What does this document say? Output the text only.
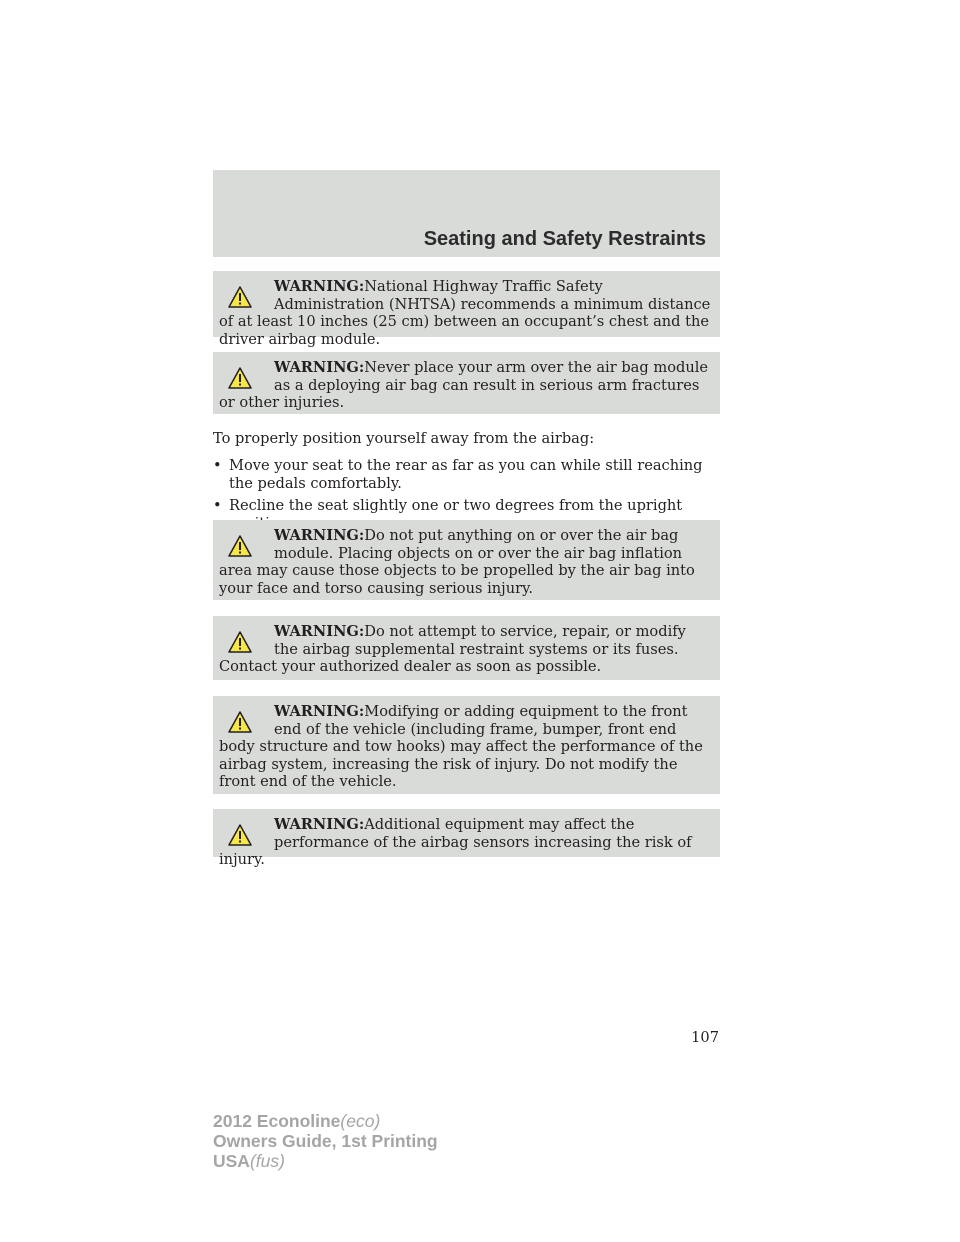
Seating and Safety Restraints
WARNING:National Highway Traffic Safety Administration (NHTSA) recommends a minimum distance of at least 10 inches (25 cm) between an occupant’s chest and the driver airbag module.
WARNING:Never place your arm over the air bag module as a deploying air bag can result in serious arm fractures or other injuries.
To properly position yourself away from the airbag:
• Move your seat to the rear as far as you can while still reaching the pedals comfortably.
• Recline the seat slightly one or two degrees from the upright
WARNING:Do not put anything on or over the air bag module. Placing objects on or over the air bag inflation area may cause those objects to be propelled by the air bag into your face and torso causing serious injury.
WARNING:Do not attempt to service, repair, or modify the airbag supplemental restraint systems or its fuses. Contact your authorized dealer as soon as possible.
WARNING:Modifying or adding equipment to the front end of the vehicle (including frame, bumper, front end body structure and tow hooks) may affect the performance of the airbag system, increasing the risk of injury. Do not modify the front end of the vehicle.
WARNING:Additional equipment may affect the performance of the airbag sensors increasing the risk of injury.
107
2012 Econoline(eco)
Owners Guide, 1st Printing
USA(fus)
